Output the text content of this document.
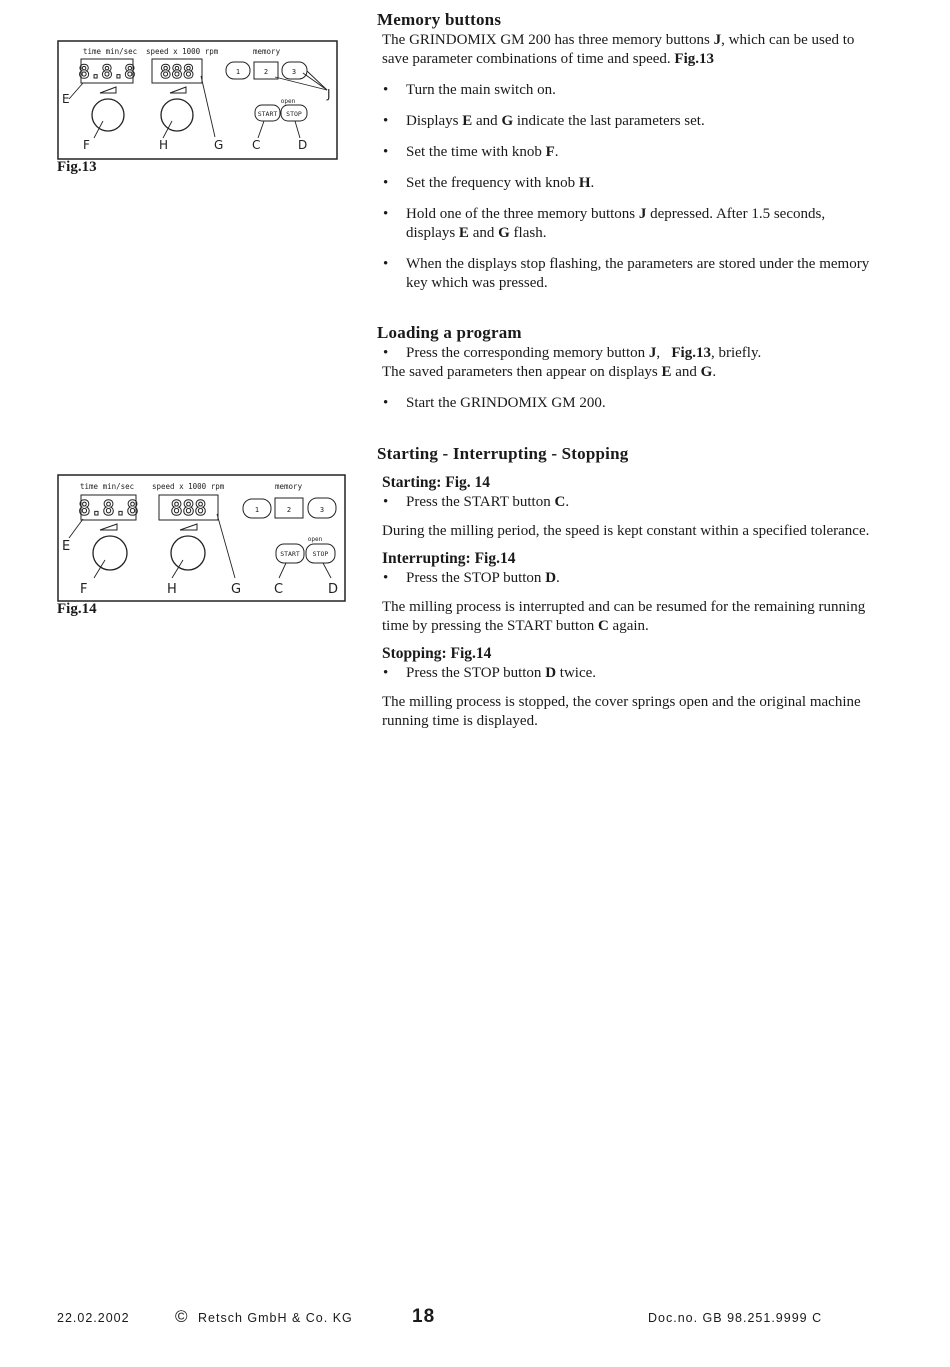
time min/sec speed x 1000 rpm	memory
8.8.8 888	1	2	3
open
START STOP
E
F	H	G C	D
J
Fig.13
time min/sec speed x 1000 rpm	memory
8.8.8 888	1	2	3
open
START STOP
E
F	H	G	C	D
Fig.14
Memory buttons

The GRINDOMIX GM 200 has three memory buttons J, which can be used to save parameter combinations of time and speed. Fig.13

• Turn the main switch on.
• Displays E and G indicate the last parameters set.
• Set the time with knob F.
• Set the frequency with knob H.
• Hold one of the three memory buttons J depressed. After 1.5 seconds, displays E and G flash.
• When the displays stop flashing, the parameters are stored under the memory key which was pressed.
Loading a program
• Press the corresponding memory button J,   Fig.13, briefly.

The saved parameters then appear on displays E and G.

• Start the GRINDOMIX GM 200.
Starting - Interrupting - Stopping
Starting: Fig. 14
• Press the START button C.

During the milling period, the speed is kept constant within a specified tolerance.

Interrupting: Fig.14
• Press the STOP button D.

The milling process is interrupted and can be resumed for the remaining running time by pressing the START button C again.

Stopping: Fig.14
• Press the STOP button D twice.

The milling process is stopped, the cover springs open and the original machine running time is displayed.

22.02.2002	© Retsch GmbH & Co. KG	18	Doc.no. GB 98.251.9999 C
